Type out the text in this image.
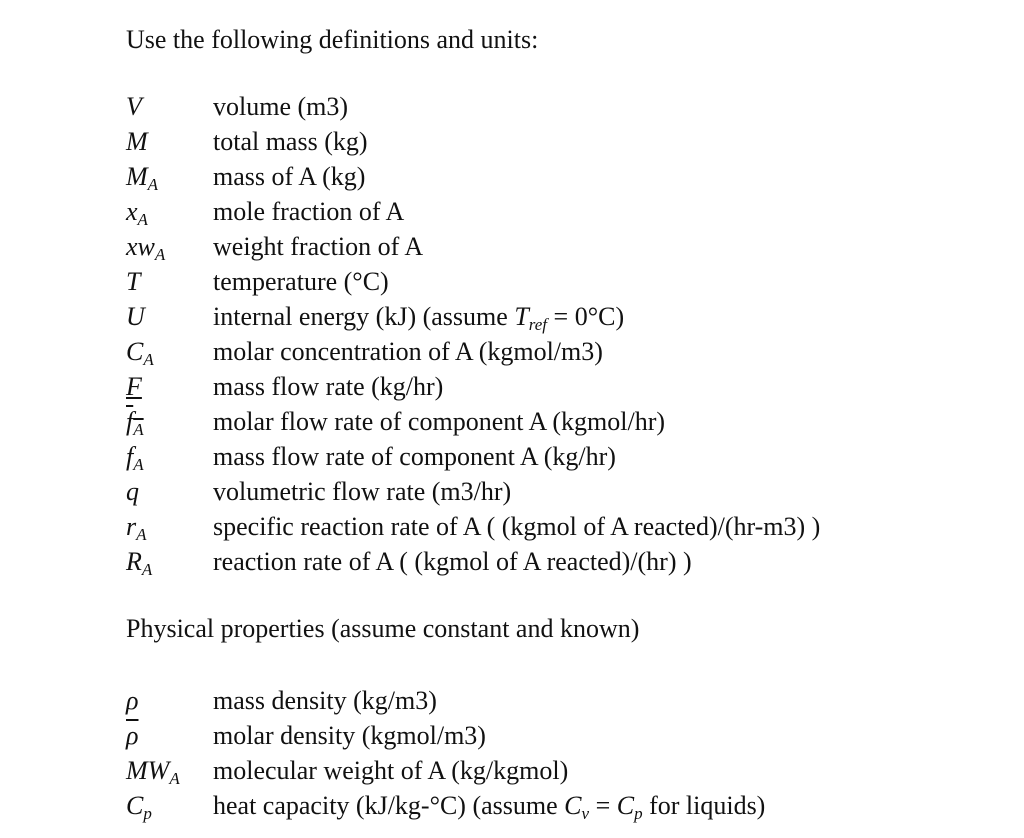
Use the following definitions and units:
V	volume (m3)
M	total mass (kg)
$M_A$ mass of A (kg)
$x_A$	mole fraction of A
$xw_A$ weight fraction of A
T	temperature (°C)
U	internal energy (kJ) (assume $T_{ref} = 0^\circ C$)
$C_A$ molar concentration of A (kgmol/m3)
F	mass flow rate (kg/hr)
$f_A$	molar flow rate of component A (kgmol/hr)
$f_A$	mass flow rate of component A (kg/hr)
q	volumetric flow rate (m3/hr)
$r_A$	specific reaction rate of A ( (kgmol of A reacted)/(hr-m3) )
$R_A$ reaction rate of A ( (kgmol of A reacted)/(hr) )
Physical properties (assume constant and known)
ρ	mass density (kg/m3)
$\overline{\rho}$	molar density (kgmol/m3)
$MW_A$ molecular weight of A (kg/kgmol)
$C_p$ heat capacity (kJ/kg-°C) (assume $C_v = C_p$ for liquids)
